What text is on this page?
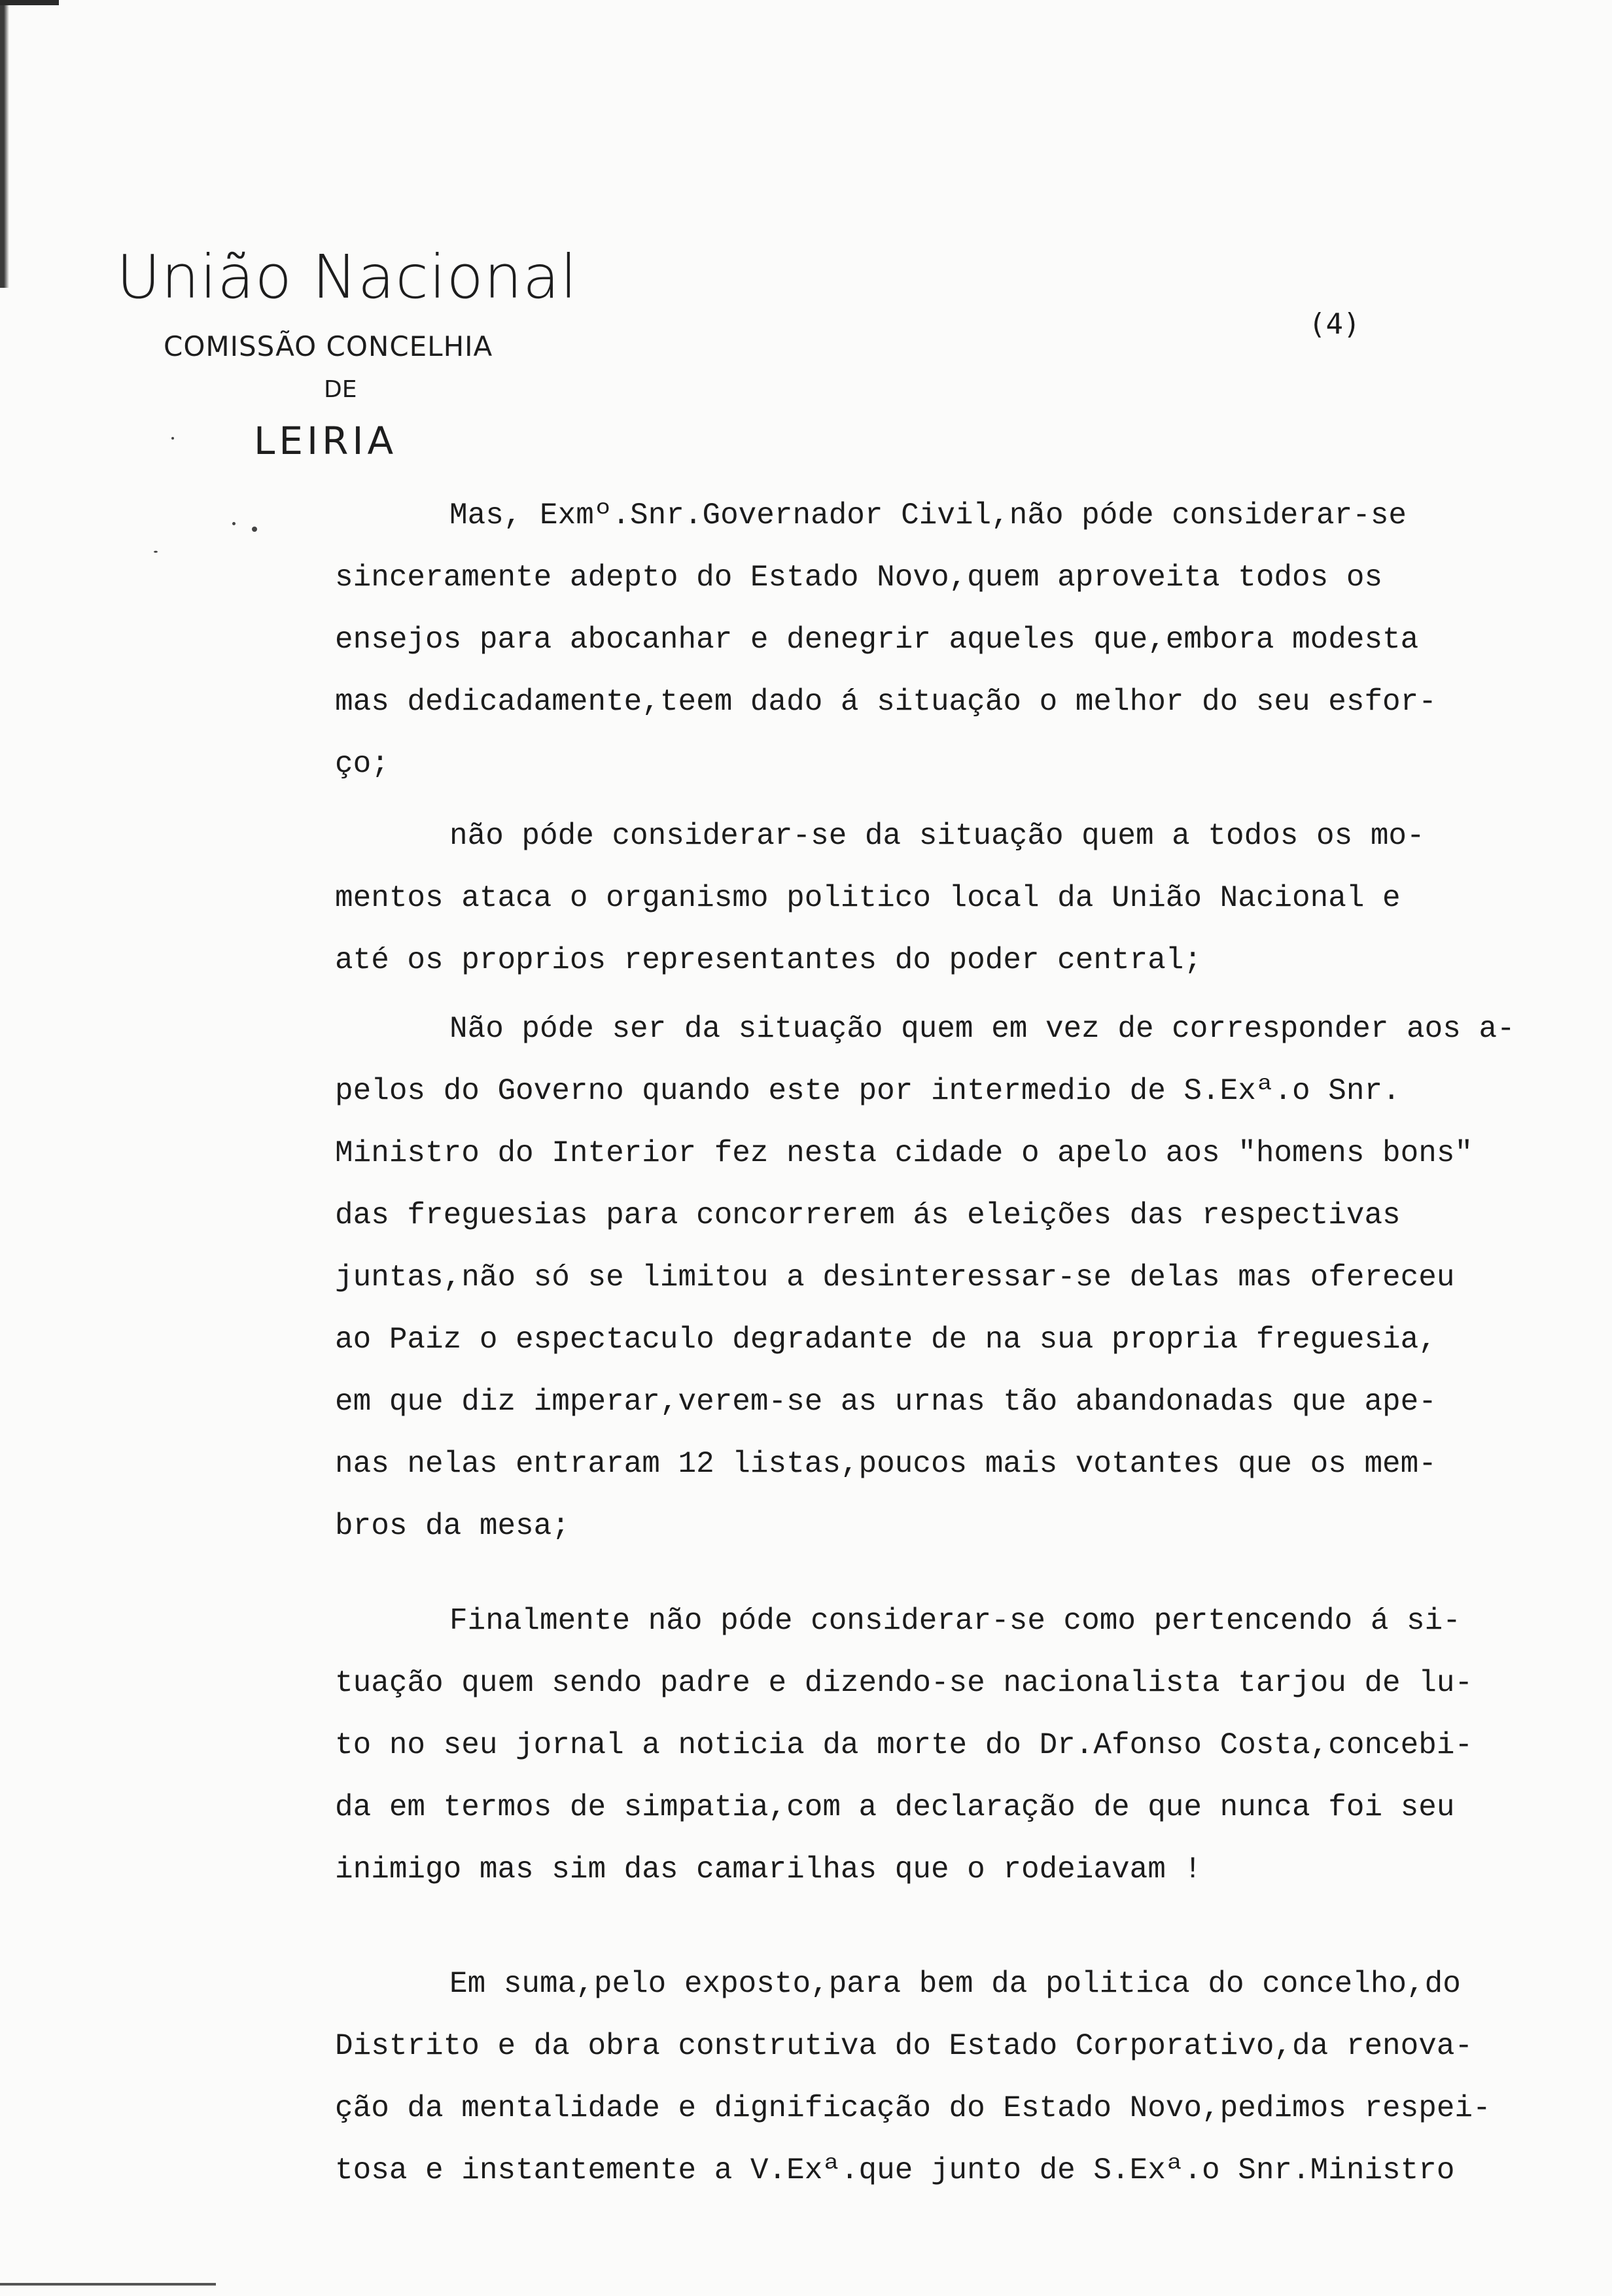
União Nacional
COMISSÃO CONCELHIA
DE
LEIRIA
(4)
Mas, Exmº.Snr.Governador Civil,não póde considerar-se
sinceramente adepto do Estado Novo,quem aproveita todos os
ensejos para abocanhar e denegrir aqueles que,embora modesta
mas dedicadamente,teem dado á situação o melhor do seu esfor-
ço;
não póde considerar-se da situação quem a todos os mo-
mentos ataca o organismo politico local da União Nacional e
até os proprios representantes do poder central;
Não póde ser da situação quem em vez de corresponder aos a-
pelos do Governo quando este por intermedio de S.Exª.o Snr.
Ministro do Interior fez nesta cidade o apelo aos "homens bons"
das freguesias para concorrerem ás eleições das respectivas
juntas,não só se limitou a desinteressar-se delas mas ofereceu
ao Paiz o espectaculo degradante de na sua propria freguesia,
em que diz imperar,verem-se as urnas tão abandonadas que ape-
nas nelas entraram 12 listas,poucos mais votantes que os mem-
bros da mesa;
Finalmente não póde considerar-se como pertencendo á si-
tuação quem sendo padre e dizendo-se nacionalista tarjou de lu-
to no seu jornal a noticia da morte do Dr.Afonso Costa,concebi-
da em termos de simpatia,com a declaração de que nunca foi seu
inimigo mas sim das camarilhas que o rodeiavam !
Em suma,pelo exposto,para bem da politica do concelho,do
Distrito e da obra construtiva do Estado Corporativo,da renova-
ção da mentalidade e dignificação do Estado Novo,pedimos respei-
tosa e instantemente a V.Exª.que junto de S.Exª.o Snr.Ministro
